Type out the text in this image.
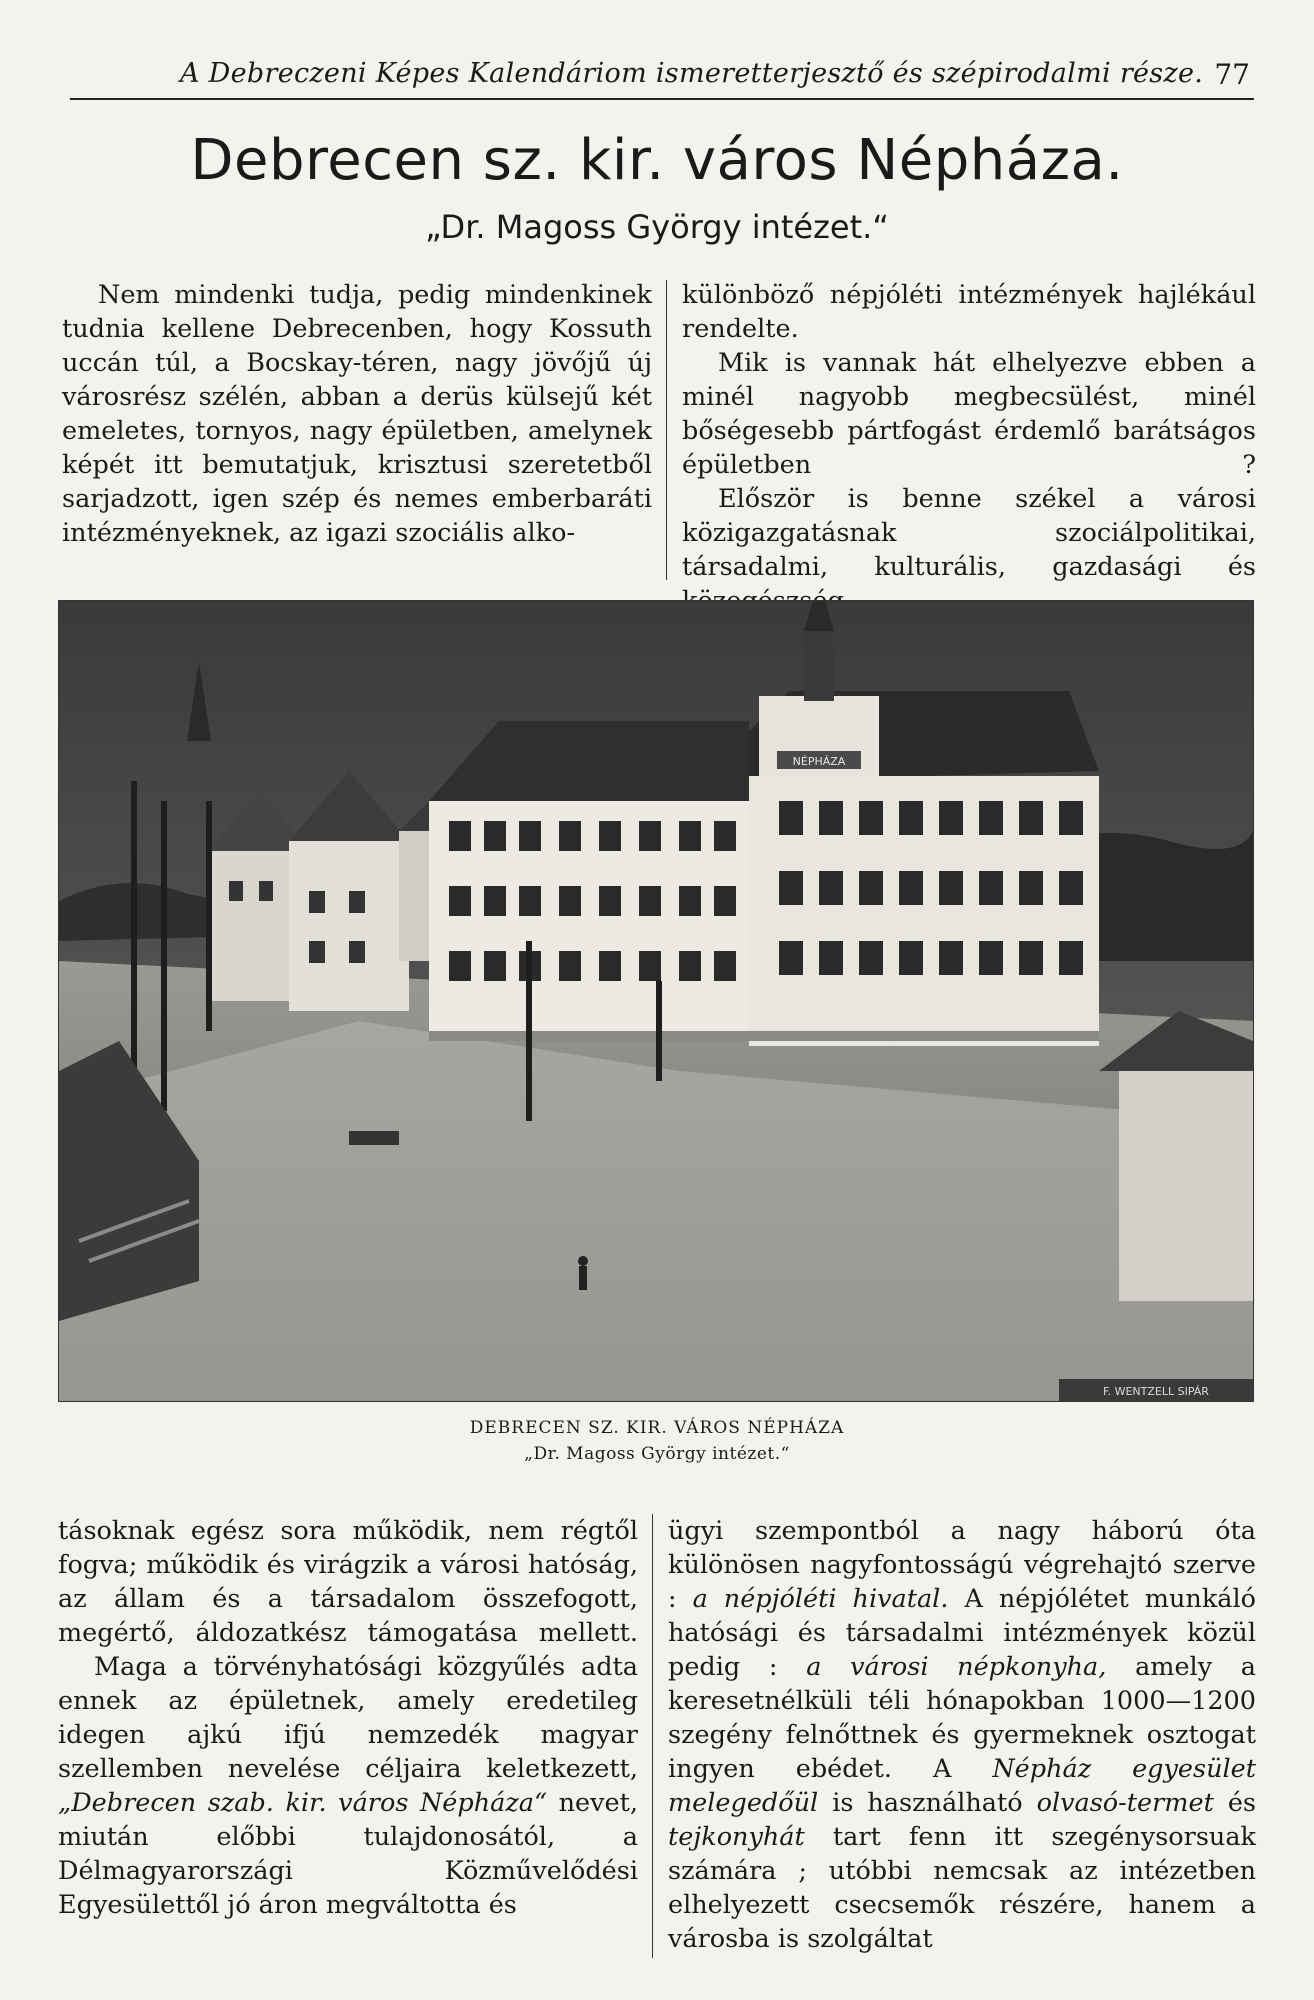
A Debreczeni Képes Kalendáriom ismeretterjesztő és szépirodalmi része. 77
Debrecen sz. kir. város Népháza.
„Dr. Magoss György intézet.“

Nem mindenki tudja, pedig mindenkinek tudnia kellene Debrecenben, hogy Kossuth uccán túl, a Bocskay-téren, nagy jövőjű új városrész szélén, abban a derüs külsejű két emeletes, tornyos, nagy épületben, amelynek képét itt bemutatjuk, krisztusi szeretetből sarjadzott, igen szép és nemes emberbaráti intézményeknek, az igazi szociális alko-

különböző népjóléti intézmények hajlékául rendelte.

Mik is vannak hát elhelyezve ebben a minél nagyobb megbecsülést, minél bőségesebb pártfogást érdemlő barátságos épületben ?

Először is benne székel a városi közigazgatásnak szociálpolitikai, társadalmi, kulturális, gazdasági és

NÉPHÁZA
F. WENTZELL SIPÁR
DEBRECEN SZ. KIR. VÁROS NÉPHÁZA
„Dr. Magoss György intézet.“

tásoknak egész sora működik, nem régtől fogva; működik és virágzik a városi hatóság, az állam és a társadalom összefogott, megértő, áldozatkész támogatása mellett.

Maga a törvényhatósági közgyűlés adta ennek az épületnek, amely eredetileg idegen ajkú ifjú nemzedék magyar szellemben nevelése céljaira keletkezett, „Debrecen szab. kir. város Népháza“ nevet, miután előbbi tulajdonosától, a Délmagyarországi Közművelődési Egyesülettől jó áron megváltotta és

ügyi szempontból a nagy háború óta különösen nagyfontosságú végrehajtó szerve : a népjóléti hivatal. A népjólétet munkáló hatósági és társadalmi intézmények közül pedig : a városi népkonyha, amely a keresetnélküli téli hónapokban 1000—1200 szegény felnőttnek és gyermeknek osztogat ingyen ebédet. A Népház egyesület melegedőül is használható olvasó-termet és tejkonyhát tart fenn itt szegénysorsuak számára ; utóbbi nemcsak az intézetben elhelyezett csecsemők részére, hanem a városba is szolgáltat
